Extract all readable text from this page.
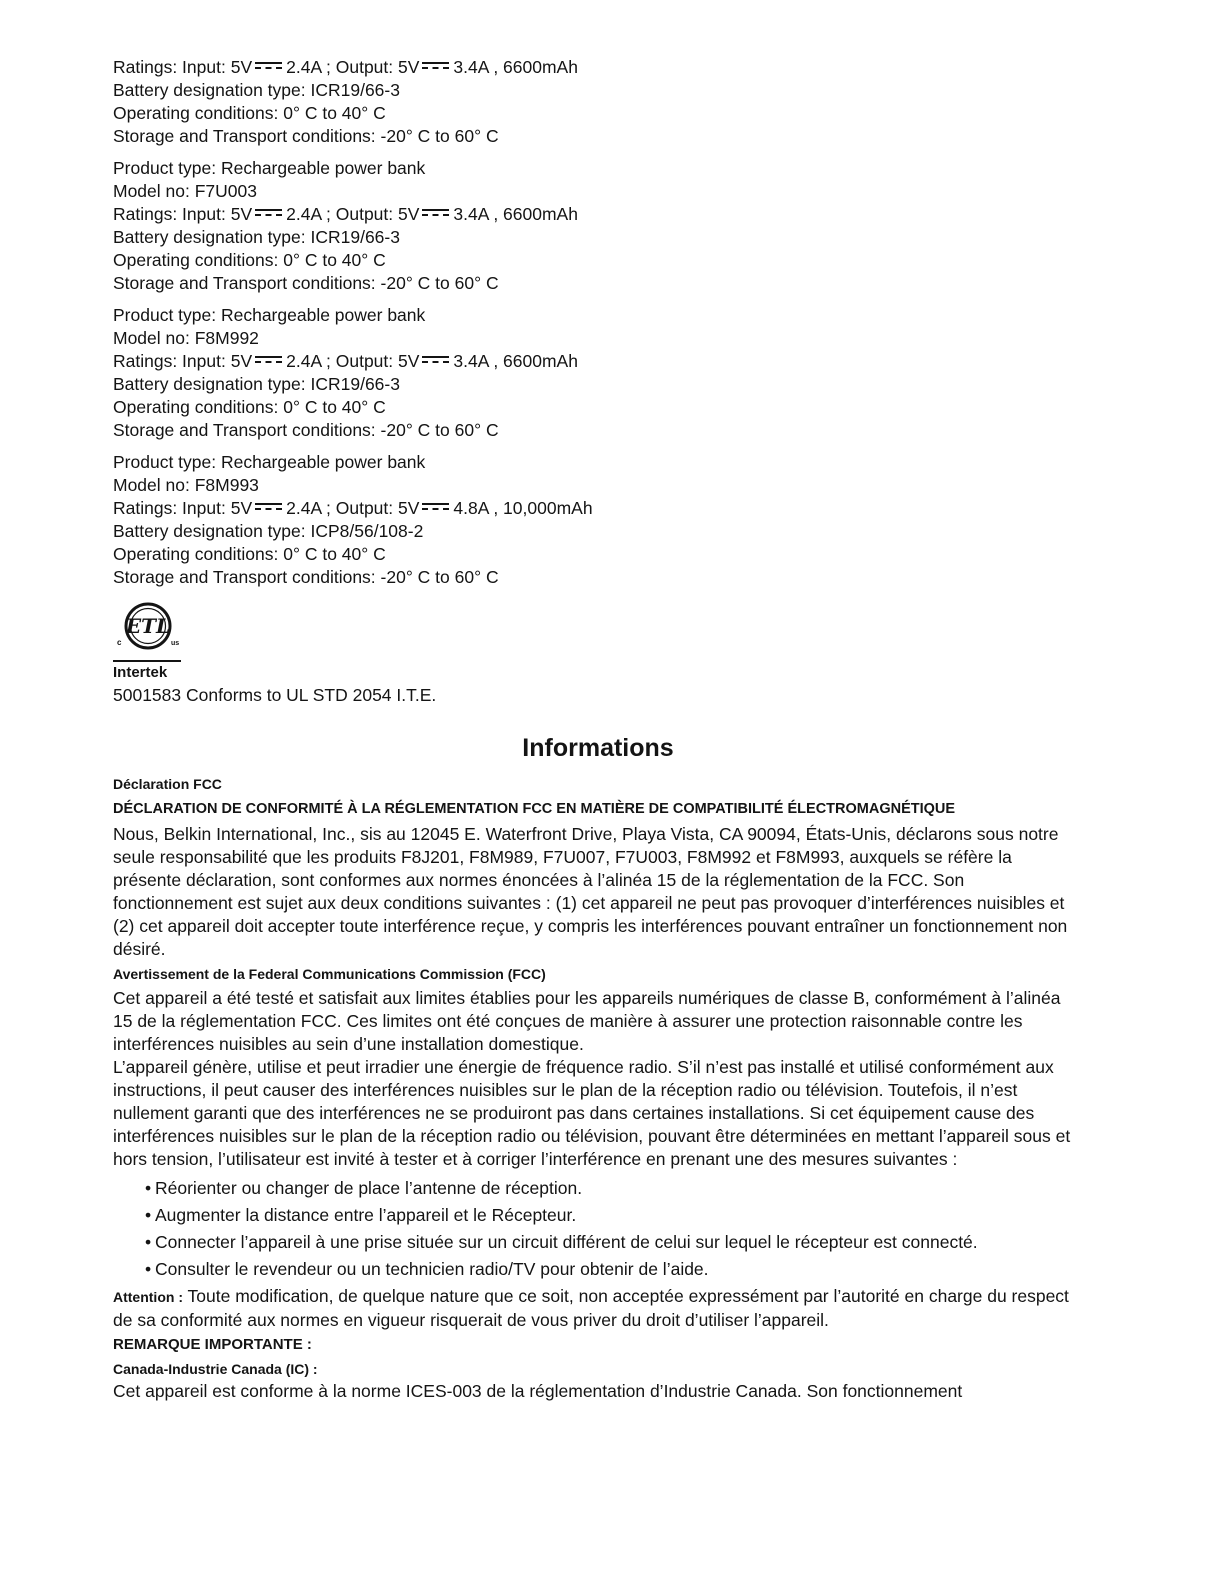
Ratings: Input: 5V 2.4A ; Output: 5V 3.4A , 6600mAh
Battery designation type: ICR19/66-3
Operating conditions: 0° C to 40° C
Storage and Transport conditions: -20° C to 60° C
Product type: Rechargeable power bank
Model no: F7U003
Ratings: Input: 5V 2.4A ; Output: 5V 3.4A , 6600mAh
Battery designation type: ICR19/66-3
Operating conditions: 0° C to 40° C
Storage and Transport conditions: -20° C to 60° C
Product type: Rechargeable power bank
Model no: F8M992
Ratings: Input: 5V 2.4A ; Output: 5V 3.4A , 6600mAh
Battery designation type: ICR19/66-3
Operating conditions: 0° C to 40° C
Storage and Transport conditions: -20° C to 60° C
Product type: Rechargeable power bank
Model no: F8M993
Ratings: Input: 5V 2.4A ; Output: 5V 4.8A , 10,000mAh
Battery designation type: ICP8/56/108-2
Operating conditions: 0° C to 40° C
Storage and Transport conditions: -20° C to 60° C
ETL
c	us
Intertek
5001583 Conforms to UL STD 2054 I.T.E.
Informations
Déclaration FCC
DÉCLARATION DE CONFORMITÉ À LA RÉGLEMENTATION FCC EN MATIÈRE DE COMPATIBILITÉ ÉLECTROMAGNÉTIQUE
Nous, Belkin International, Inc., sis au 12045 E. Waterfront Drive, Playa Vista, CA 90094, États-Unis, déclarons sous notre seule responsabilité que les produits F8J201, F8M989, F7U007, F7U003, F8M992 et F8M993, auxquels se réfère la présente déclaration, sont conformes aux normes énoncées à l’alinéa 15 de la réglementation de la FCC. Son fonctionnement est sujet aux deux conditions suivantes : (1) cet appareil ne peut pas provoquer d’interférences nuisibles et (2) cet appareil doit accepter toute interférence reçue, y compris les interférences pouvant entraîner un fonctionnement non désiré.
Avertissement de la Federal Communications Commission (FCC)
Cet appareil a été testé et satisfait aux limites établies pour les appareils numériques de classe B, conformément à l’alinéa 15 de la réglementation FCC. Ces limites ont été conçues de manière à assurer une protection raisonnable contre les interférences nuisibles au sein d’une installation domestique.
L’appareil génère, utilise et peut irradier une énergie de fréquence radio. S’il n’est pas installé et utilisé conformément aux instructions, il peut causer des interférences nuisibles sur le plan de la réception radio ou télévision. Toutefois, il n’est nullement garanti que des interférences ne se produiront pas dans certaines installations. Si cet équipement cause des interférences nuisibles sur le plan de la réception radio ou télévision, pouvant être déterminées en mettant l’appareil sous et hors tension, l’utilisateur est invité à tester et à corriger l’interférence en prenant une des mesures suivantes :
• Réorienter ou changer de place l’antenne de réception.
• Augmenter la distance entre l’appareil et le Récepteur.
• Connecter l’appareil à une prise située sur un circuit différent de celui sur lequel le récepteur est connecté.
• Consulter le revendeur ou un technicien radio/TV pour obtenir de l’aide.
Attention : Toute modification, de quelque nature que ce soit, non acceptée expressément par l’autorité en charge du respect de sa conformité aux normes en vigueur risquerait de vous priver du droit d’utiliser l’appareil.
REMARQUE IMPORTANTE :
Canada-Industrie Canada (IC) :
Cet appareil est conforme à la norme ICES-003 de la réglementation d’Industrie Canada. Son fonctionnement
